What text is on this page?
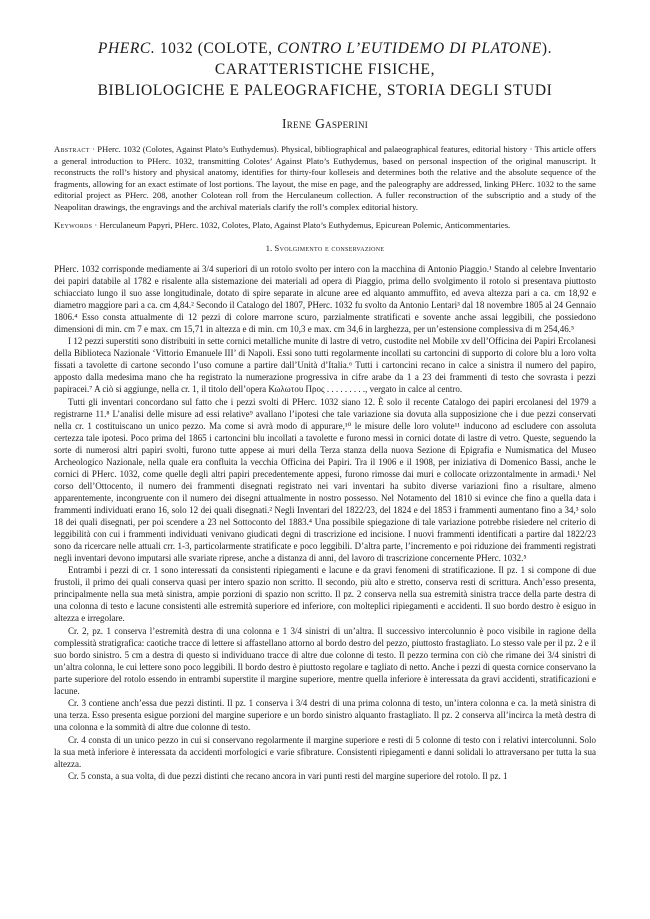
PHERC. 1032 (COLOTE, CONTRO L’EUTIDEMO DI PLATONE).
CARATTERISTICHE FISICHE,
BIBLIOLOGICHE E PALEOGRAFICHE, STORIA DEGLI STUDI
Irene Gasperini

Abstract · PHerc. 1032 (Colotes, Against Plato’s Euthydemus). Physical, bibliographical and palaeographical features, editorial history · This article offers a general introduction to PHerc. 1032, transmitting Colotes’ Against Plato’s Euthydemus, based on personal inspection of the original manuscript. It reconstructs the roll’s history and physical anatomy, identifies for thirty-four kolleseis and determines both the relative and the absolute sequence of the fragments, allowing for an exact estimate of lost portions. The layout, the mise en page, and the paleography are addressed, linking PHerc. 1032 to the same editorial project as PHerc. 208, another Colotean roll from the Herculaneum collection. A fuller reconstruction of the subscriptio and a study of the Neapolitan drawings, the engravings and the archival materials clarify the roll’s complex editorial history.

Keywords · Herculaneum Papyri, PHerc. 1032, Colotes, Plato, Against Plato’s Euthydemus, Epicurean Polemic, Anticommentaries.

1. Svolgimento e conservazione

PHerc. 1032 corrisponde mediamente ai 3/4 superiori di un rotolo svolto per intero con la macchina di Antonio Piaggio.¹ Stando al celebre Inventario dei papiri databile al 1782 e risalente alla sistemazione dei materiali ad opera di Piaggio, prima dello svolgimento il rotolo si presentava piuttosto schiacciato lungo il suo asse longitudinale, dotato di spire separate in alcune aree ed alquanto ammuffito, ed aveva altezza pari a ca. cm 18,92 e diametro maggiore pari a ca. cm 4,84.² Secondo il Catalogo del 1807, PHerc. 1032 fu svolto da Antonio Lentari³ dal 18 novembre 1805 al 24 Gennaio 1806.⁴ Esso consta attualmente di 12 pezzi di colore marrone scuro, parzialmente stratificati e sovente anche assai leggibili, che possiedono dimensioni di min. cm 7 e max. cm 15,71 in altezza e di min. cm 10,3 e max. cm 34,6 in larghezza, per un’estensione complessiva di m 254,46.⁵

I 12 pezzi superstiti sono distribuiti in sette cornici metalliche munite di lastre di vetro, custodite nel Mobile xv dell’Officina dei Papiri Ercolanesi della Biblioteca Nazionale ‘Vittorio Emanuele III’ di Napoli. Essi sono tutti regolarmente incollati su cartoncini di supporto di colore blu a loro volta fissati a tavolette di cartone secondo l’uso comune a partire dall’Unità d’Italia.⁶ Tutti i cartoncini recano in calce a sinistra il numero del papiro, apposto dalla medesima mano che ha registrato la numerazione progressiva in cifre arabe da 1 a 23 dei frammenti di testo che sovrasta i pezzi papiracei.⁷ A ciò si aggiunge, nella cr. 1, il titolo dell’opera Κωλωτου Προς . . . . . . . . ., vergato in calce al centro.

Tutti gli inventari concordano sul fatto che i pezzi svolti di PHerc. 1032 siano 12. È solo il recente Catalogo dei papiri ercolanesi del 1979 a registrarne 11.⁸ L’analisi delle misure ad essi relative⁹ avallano l’ipotesi che tale variazione sia dovuta alla supposizione che i due pezzi conservati nella cr. 1 costituiscano un unico pezzo. Ma come si avrà modo di appurare,¹⁰ le misure delle loro volute¹¹ inducono ad escludere con assoluta certezza tale ipotesi. Poco prima del 1865 i cartoncini blu incollati a tavolette e furono messi in cornici dotate di lastre di vetro. Queste, seguendo la sorte di numerosi altri papiri svolti, furono tutte appese ai muri della Terza stanza della nuova Sezione di Epigrafia e Numismatica del Museo Archeologico Nazionale, nella quale era confluita la vecchia Officina dei Papiri. Tra il 1906 e il 1908, per iniziativa di Domenico Bassi, anche le cornici di PHerc. 1032, come quelle degli altri papiri precedentemente appesi, furono rimosse dai muri e collocate orizzontalmente in armadi.¹ Nel corso dell’Ottocento, il numero dei frammenti disegnati registrato nei vari inventari ha subito diverse variazioni fino a risultare, almeno apparentemente, incongruente con il numero dei disegni attualmente in nostro possesso. Nel Notamento del 1810 si evince che fino a quella data i frammenti individuati erano 16, solo 12 dei quali disegnati.² Negli Inventari del 1822/23, del 1824 e del 1853 i frammenti aumentano fino a 34,³ solo 18 dei quali disegnati, per poi scendere a 23 nel Sottoconto del 1883.⁴ Una possibile spiegazione di tale variazione potrebbe risiedere nel criterio di leggibilità con cui i frammenti individuati venivano giudicati degni di trascrizione ed incisione. I nuovi frammenti identificati a partire dal 1822/23 sono da ricercare nelle attuali crr. 1-3, particolarmente stratificate e poco leggibili. D’altra parte, l’incremento e poi riduzione dei frammenti registrati negli inventari devono imputarsi alle svariate riprese, anche a distanza di anni, del lavoro di trascrizione concernente PHerc. 1032.⁵

Entrambi i pezzi di cr. 1 sono interessati da consistenti ripiegamenti e lacune e da gravi fenomeni di stratificazione. Il pz. 1 si compone di due frustoli, il primo dei quali conserva quasi per intero spazio non scritto. Il secondo, più alto e stretto, conserva resti di scrittura. Anch’esso presenta, principalmente nella sua metà sinistra, ampie porzioni di spazio non scritto. Il pz. 2 conserva nella sua estremità sinistra tracce della parte destra di una colonna di testo e lacune consistenti alle estremità superiore ed inferiore, con molteplici ripiegamenti e accidenti. Il suo bordo destro è esiguo in altezza e irregolare.

Cr. 2, pz. 1 conserva l’estremità destra di una colonna e 1 3/4 sinistri di un’altra. Il successivo intercolunnio è poco visibile in ragione della complessità stratigrafica: caotiche tracce di lettere si affastellano attorno al bordo destro del pezzo, piuttosto frastagliato. Lo stesso vale per il pz. 2 e il suo bordo sinistro. 5 cm a destra di questo si individuano tracce di altre due colonne di testo. Il pezzo termina con ciò che rimane dei 3/4 sinistri di un’altra colonna, le cui lettere sono poco leggibili. Il bordo destro è piuttosto regolare e tagliato di netto. Anche i pezzi di questa cornice conservano la parte superiore del rotolo essendo in entrambi superstite il margine superiore, mentre quella inferiore è interessata da gravi accidenti, stratificazioni e lacune.

Cr. 3 contiene anch’essa due pezzi distinti. Il pz. 1 conserva i 3/4 destri di una prima colonna di testo, un’intera colonna e ca. la metà sinistra di una terza. Esso presenta esigue porzioni del margine superiore e un bordo sinistro alquanto frastagliato. Il pz. 2 conserva all’incirca la metà destra di una colonna e la sommità di altre due colonne di testo.

Cr. 4 consta di un unico pezzo in cui si conservano regolarmente il margine superiore e resti di 5 colonne di testo con i relativi intercolunni. Solo la sua metà inferiore è interessata da accidenti morfologici e varie sfibrature. Consistenti ripiegamenti e danni solidali lo attraversano per tutta la sua altezza.

Cr. 5 consta, a sua volta, di due pezzi distinti che recano ancora in vari punti resti del margine superiore del rotolo. Il pz. 1
